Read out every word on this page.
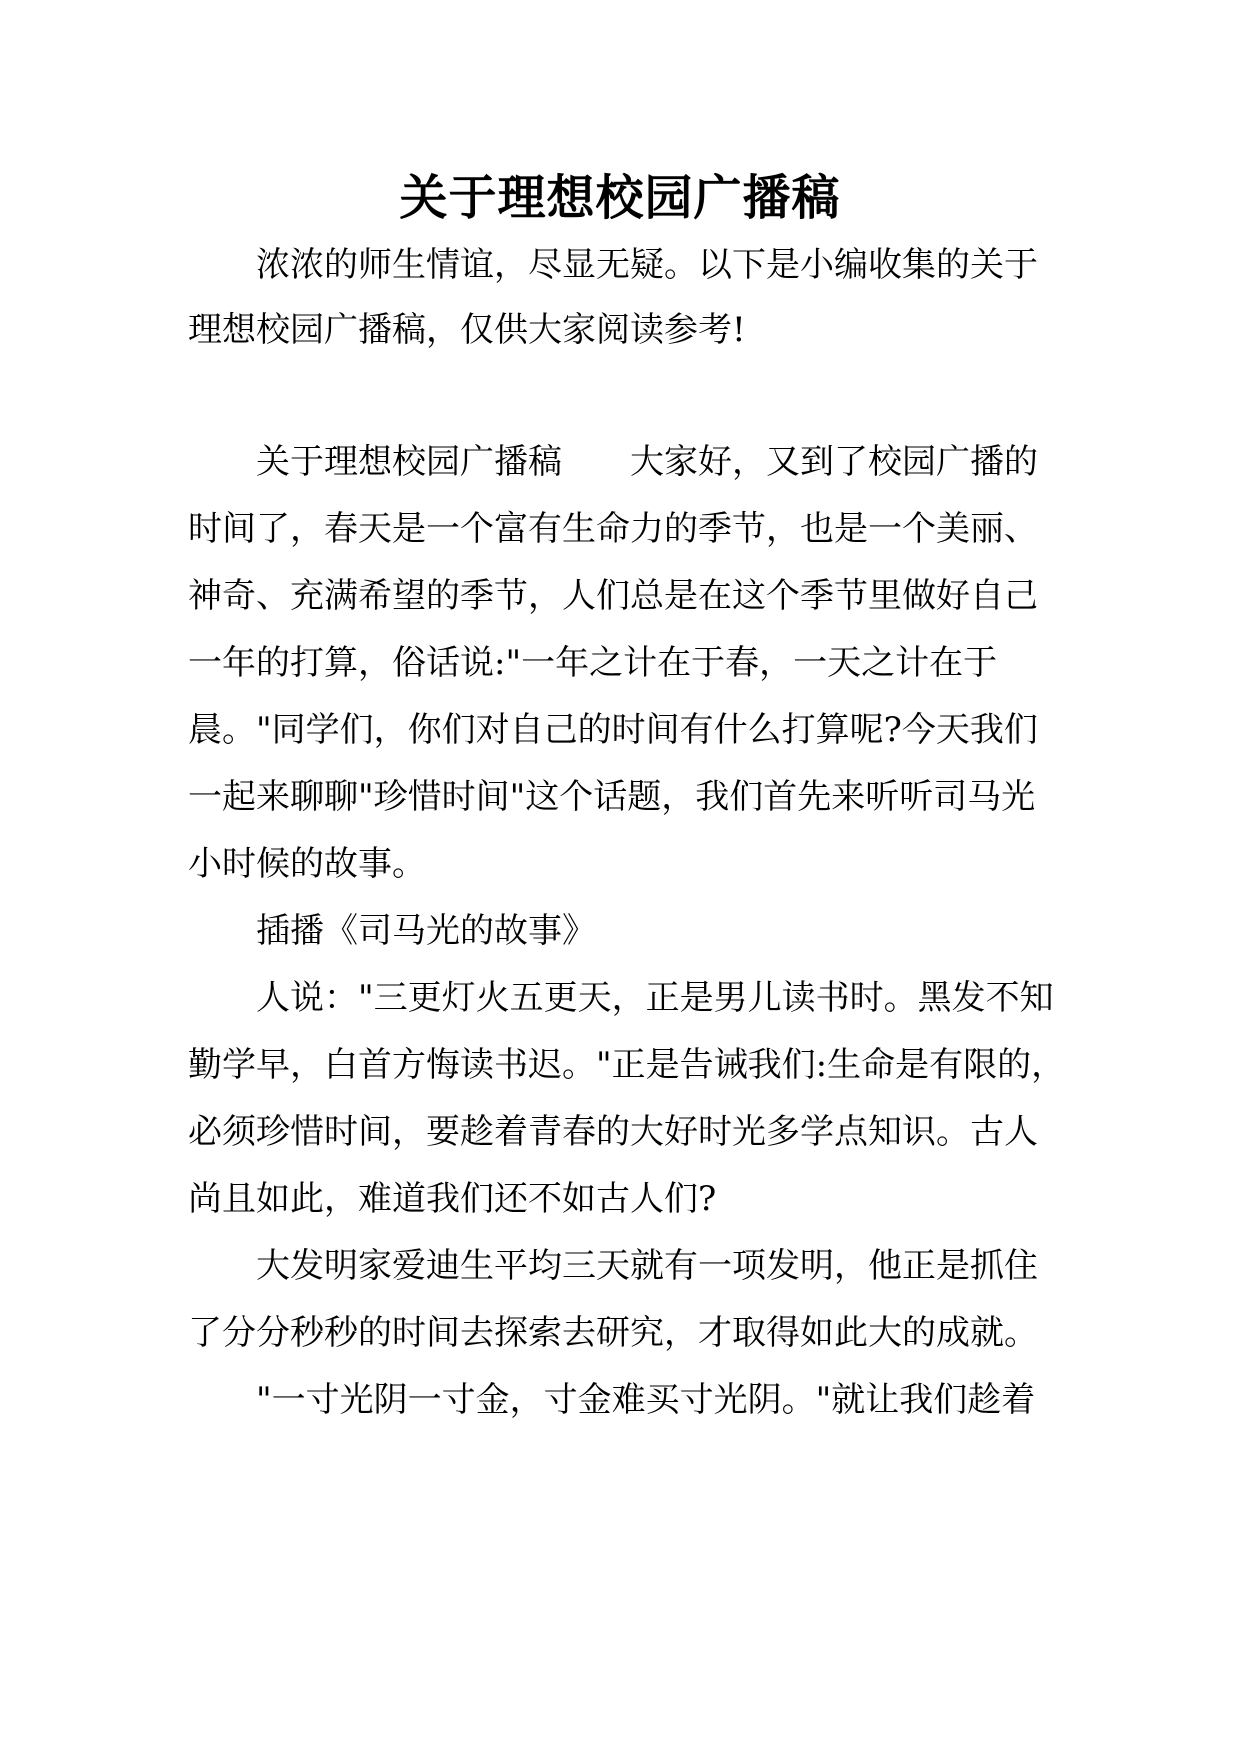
关于理想校园广播稿
浓浓的师生情谊，尽显无疑。以下是小编收集的关于
理想校园广播稿，仅供大家阅读参考!
关于理想校园广播稿　　大家好，又到了校园广播的
时间了，春天是一个富有生命力的季节，也是一个美丽、
神奇、充满希望的季节，人们总是在这个季节里做好自己
一年的打算，俗话说:"一年之计在于春，一天之计在于
晨。"同学们，你们对自己的时间有什么打算呢?今天我们
一起来聊聊"珍惜时间"这个话题，我们首先来听听司马光
小时候的故事。
插播《司马光的故事》
人说："三更灯火五更天，正是男儿读书时。黑发不知
勤学早，白首方悔读书迟。"正是告诫我们:生命是有限的，
必须珍惜时间，要趁着青春的大好时光多学点知识。古人
尚且如此，难道我们还不如古人们?
大发明家爱迪生平均三天就有一项发明，他正是抓住
了分分秒秒的时间去探索去研究，才取得如此大的成就。
"一寸光阴一寸金，寸金难买寸光阴。"就让我们趁着
